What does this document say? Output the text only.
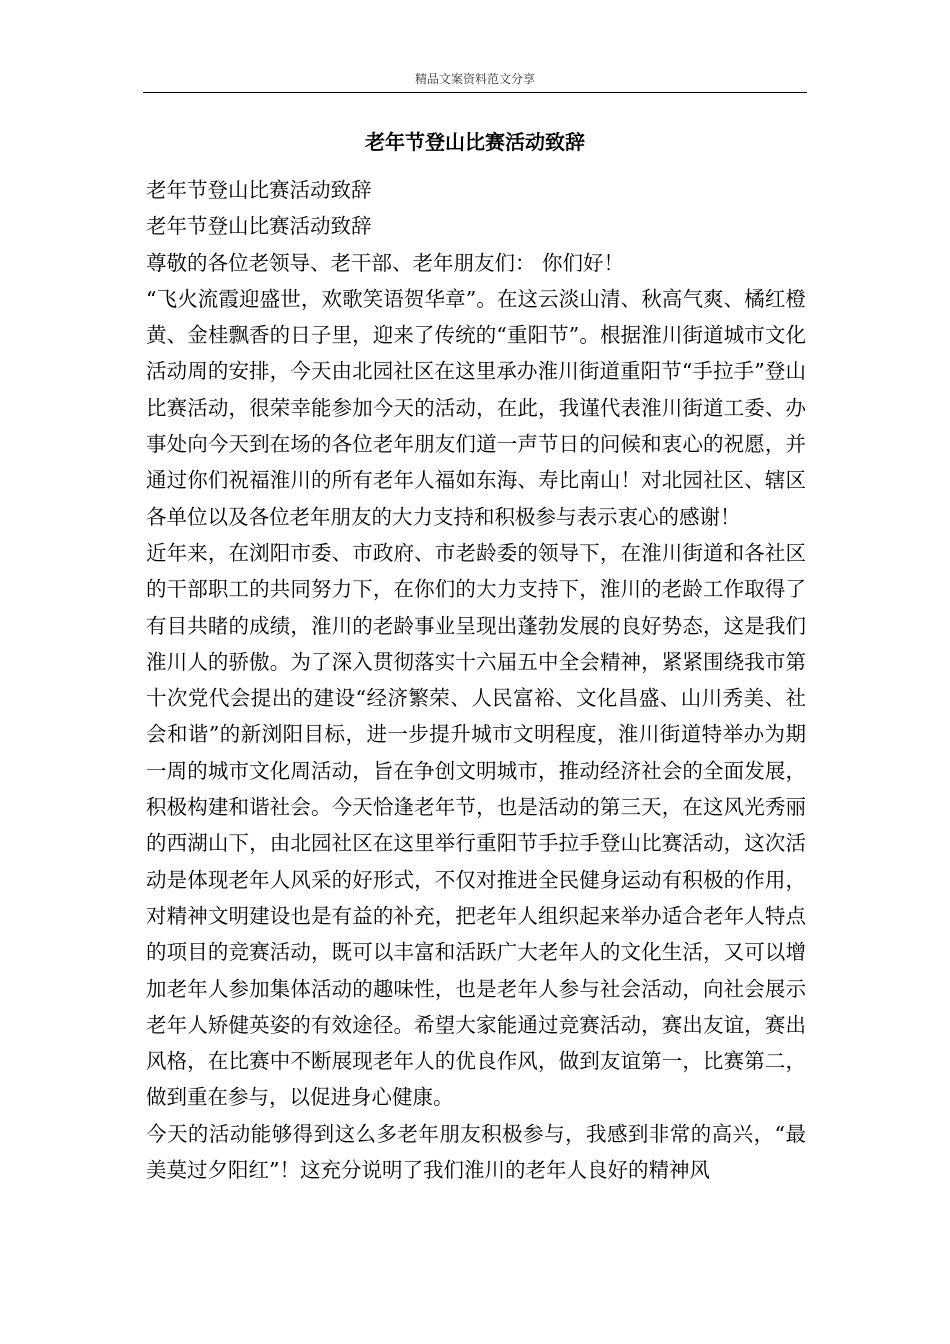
精品文案资料范文分享
老年节登山比赛活动致辞

老年节登山比赛活动致辞

老年节登山比赛活动致辞

尊敬的各位老领导、老干部、老年朋友们： 你们好！

“飞火流霞迎盛世，欢歌笑语贺华章”。在这云淡山清、秋高气爽、橘红橙黄、金桂飘香的日子里，迎来了传统的“重阳节”。根据淮川街道城市文化活动周的安排，今天由北园社区在这里承办淮川街道重阳节“手拉手”登山比赛活动，很荣幸能参加今天的活动，在此，我谨代表淮川街道工委、办事处向今天到在场的各位老年朋友们道一声节日的问候和衷心的祝愿，并通过你们祝福淮川的所有老年人福如东海、寿比南山！对北园社区、辖区各单位以及各位老年朋友的大力支持和积极参与表示衷心的感谢！

近年来，在浏阳市委、市政府、市老龄委的领导下，在淮川街道和各社区的干部职工的共同努力下，在你们的大力支持下，淮川的老龄工作取得了有目共睹的成绩，淮川的老龄事业呈现出蓬勃发展的良好势态，这是我们淮川人的骄傲。为了深入贯彻落实十六届五中全会精神，紧紧围绕我市第十次党代会提出的建设“经济繁荣、人民富裕、文化昌盛、山川秀美、社会和谐”的新浏阳目标，进一步提升城市文明程度，淮川街道特举办为期一周的城市文化周活动，旨在争创文明城市，推动经济社会的全面发展，积极构建和谐社会。今天恰逢老年节，也是活动的第三天，在这风光秀丽的西湖山下，由北园社区在这里举行重阳节手拉手登山比赛活动，这次活动是体现老年人风采的好形式，不仅对推进全民健身运动有积极的作用，对精神文明建设也是有益的补充，把老年人组织起来举办适合老年人特点的项目的竞赛活动，既可以丰富和活跃广大老年人的文化生活，又可以增加老年人参加集体活动的趣味性，也是老年人参与社会活动，向社会展示老年人矫健英姿的有效途径。希望大家能通过竞赛活动，赛出友谊，赛出风格，在比赛中不断展现老年人的优良作风，做到友谊第一，比赛第二，做到重在参与，以促进身心健康。

今天的活动能够得到这么多老年朋友积极参与，我感到非常的高兴，“最美莫过夕阳红”！这充分说明了我们淮川的老年人良好的精神风
